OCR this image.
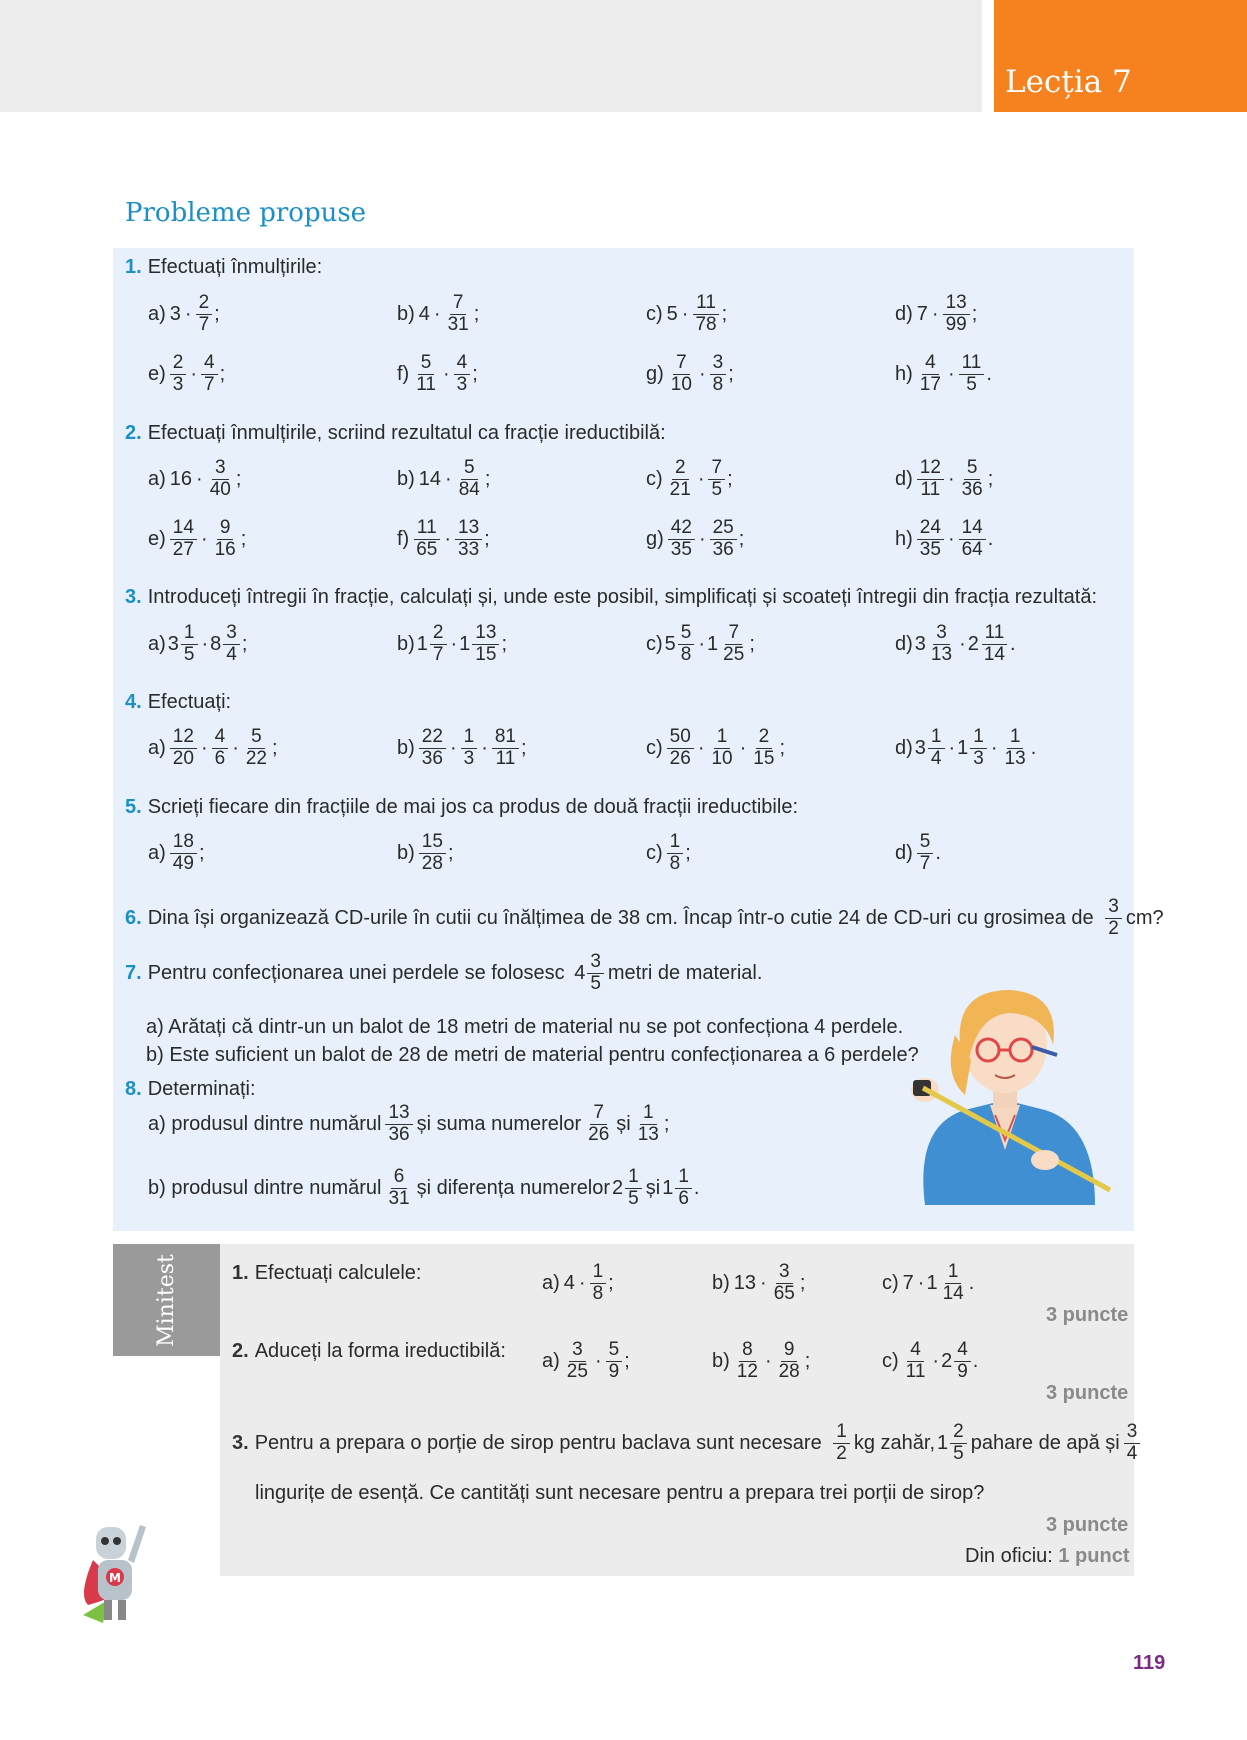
Lecția 7
Probleme propuse
1. Efectuați înmulțirile:
a) $3 \cdot \frac{2}{7}$ ;	b) $4 \cdot \frac{7}{31}$ ;	c) $5 \cdot \frac{11}{78}$ ;	d) $7 \cdot \frac{13}{99}$ ;
$e) \frac{2}{3} \cdot \frac{4}{7}$ ;	$f) \frac{5}{11} \cdot \frac{4}{3}$ ;	$g) \frac{7}{10} \cdot \frac{3}{8}$ ;	$h) \frac{4}{17} \cdot \frac{11}{5}$ .
2. Efectuați înmulțirile, scriind rezultatul ca fracție ireductibilă:
a) $16 \cdot \frac{3}{40}$ ;	b) $14 \cdot \frac{5}{84}$ ;	$c) \frac{2}{21} \cdot \frac{7}{5}$ ;	$d) \frac{12}{11} \cdot \frac{5}{36}$ ;
$e) \frac{14}{27} \cdot \frac{9}{16}$ ;	$f) \frac{11}{65} \cdot \frac{13}{33}$ ;	$g) \frac{42}{35} \cdot \frac{25}{36}$ ;	$h) \frac{24}{35} \cdot \frac{14}{64}$ .
3. Introduceți întregii în fracție, calculați și, unde este posibil, simplificați și scoateți întregii din fracția rezultată:
a) $3 \frac{1}{5} \cdot 8 \frac{3}{4}$ ;	b) $1 \frac{2}{7} \cdot 1 \frac{13}{15}$ ;	c) $5 \frac{5}{8} \cdot 1 \frac{7}{25}$ ;	d) $3 \frac{3}{13} \cdot 2 \frac{11}{14}$ .
4. Efectuați:
$a) \frac{12}{20} \cdot \frac{4}{6} \cdot \frac{5}{22}$ ;	$b) \frac{22}{36} \cdot \frac{1}{3} \cdot \frac{81}{11}$ ;	$c) \frac{50}{26} \cdot \frac{1}{10} \cdot \frac{2}{15}$ ;	d) $3 \frac{1}{4} \cdot 1 \frac{1}{3} \cdot \frac{1}{13}$ .
5. Scrieți fiecare din fracțiile de mai jos ca produs de două fracții ireductibile:
$a) \frac{18}{49}$ ;	$b) \frac{15}{28}$ ;	$c) \frac{1}{8}$ ;	$d) \frac{5}{7}$ .
6. Dina își organizează CD-urile în cutii cu înălțimea de 38 cm. Încap într-o cutie 24 de CD-uri cu grosimea de
$\frac{3}{2}$ cm?
7. Pentru confecționarea unei perdele se folosesc
$4 \frac{3}{5}$ metri de material.
a) Arătați că dintr-un un balot de 18 metri de material nu se pot confecționa 4 perdele.
b) Este suficient un balot de 28 de metri de material pentru confecționarea a 6 perdele?
8. Determinați:
a) produsul dintre numărul $\frac{13}{36}$ și suma numerelor $\frac{7}{26}$ și $\frac{1}{13}$ ;
b) produsul dintre numărul $\frac{6}{31}$ și diferența numerelor $2 \frac{1}{5}$ și $1 \frac{1}{6}$ .
Minitest	1. Efectuați calculele:	a) $4 \cdot \frac{1}{8}$ ;	b) $13 \cdot \frac{3}{65}$ ;	c) $7 \cdot 1 \frac{1}{14}$ .
3 puncte
2. Aduceți la forma ireductibilă: $a) \frac{3}{25} \cdot \frac{5}{9}$ ;	$b) \frac{8}{12} \cdot \frac{9}{28}$ ;	$c) \frac{4}{11} \cdot 2 \frac{4}{9}$ .
3 puncte
3. Pentru a prepara o porție de sirop pentru baclava sunt necesare
$\frac{1}{2}$ kg zahăr, $1 \frac{2}{5}$ pahare de apă și $\frac{3}{4}$
lingurițe de esență. Ce cantități sunt necesare pentru a prepara trei porții de sirop?
3 puncte
Din oficiu: 1 punct
M
119
